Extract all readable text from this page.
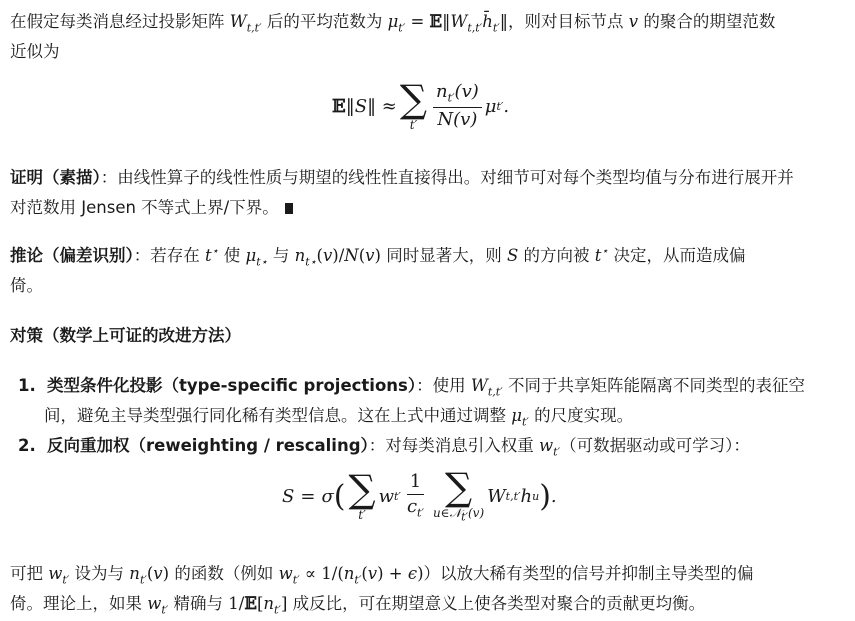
在假定每类消息经过投影矩阵 $W_{t,t'}$ 后的平均范数为 $\mu_{t'}$ = $𝔼‖W_{t,t'}h̄_{t'}‖$，则对目标节点 v 的聚合的期望范数
近似为
𝔼 ‖ S ‖ ≈ ∑
$t' \frac{n_{t'}(v)}{N(v)}$ μ t′ .
证明（素描）：由线性算子的线性性质与期望的线性性直接得出。对细节可对每个类型均值与分布进行展开并
对范数用 Jensen 不等式上界/下界。
推论（偏差识别）：若存在 t⋆ 使 $\mu_{t⋆}$ 与 $n_{t⋆}(v)/N(v)$ 同时显著大，则 S 的方向被 t⋆ 决定，从而造成偏
倚。
对策（数学上可证的改进方法）
1. 类型条件化投影（type-specific projections）：使用 $W_{t,t'}$ 不同于共享矩阵能隔离不同类型的表征空
间，避免主导类型强行同化稀有类型信息。这在上式中通过调整 $\mu_{t'}$ 的尺度实现。
2. 反向重加权（reweighting / rescaling）：对每类消息引入权重 $w_{t'}$（可数据驱动或可学习）：
S = σ ( ∑
t′
w $t' \frac{1}{c_{t'}}$ ∑
u∈𝒩$_{t'}$(v)
W t,t′ h u ) .
可把 $w_{t'}$ 设为与 $n_{t'}(v)$ 的函数（例如 $w_{t'} \propto 1/(n_{t'}(v) + \epsilon)$）以放大稀有类型的信号并抑制主导类型的偏
倚。理论上，如果 $w_{t'}$ 精确与 $1/𝔼[n_{t'}]$ 成反比，可在期望意义上使各类型对聚合的贡献更均衡。
